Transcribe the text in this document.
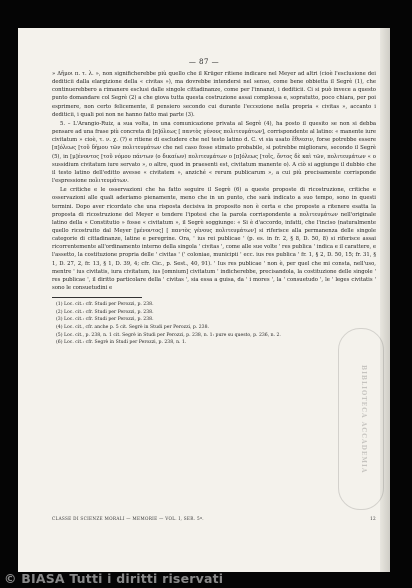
— 87 —

» Δῆμοι π. τ. λ. », non significherebbe più quello che il Krüger ritiene indicare nel Meyer ad altri (cioè l'esclusione dei dediticii dalla elargizione della « civitas »), ma dovrebbe intendersi nel senso, come bene obbietta il Segrè (1), che continuerebbero a rimanere esclusi dalle singole cittadinanze, come per l'innanzi, i dediticii. Ci si può invece a questo punto domandare col Segrè (2) a che giova tutta questa costruzione assai complessa e, sopratutto, poco chiara, per poi esprimere, non certo felicemente, il pensiero secondo cui durante l'eccezione nella propria « civitas », accanto i dediticii, i quali poi non ne hanno fatto mai parte (3).

5. – L'Arangio-Ruiz, a sua volta, in una comunicazione privata al Segrè (4), ha posto il quesito se non si debba pensare ad una frase più concreta di [π]όλεως [ παντὸς γένους πολιτευμάτων], corrispondente al latino: « manente iure civitatum » cioè, τ. ν. χ. (?) e ritiene di escludere che nel testo latino d. C. vi sia usato ἔθνεσιν, forse potrebbe essere [π]όλεως [τοῦ δήμου τῶν πολιτευμάτων che nel caso fosse stimato probabile, si potrebbe migliorare, secondo il Segrè (5), in [μ]ένοντος [τοῦ νόμου πάντων (o δικαίων) πολιτευμάτων o [π]όλεως [τοῖς, ὄντος δὲ καὶ τῶν, πολιτευμάτων « o sussidium civitatum iure servato », o altre, quod in praesenti est, civitatum manente o). A ciò si aggiunge il dubbio che il testo latino dell'editto avesse « civitatem », anziché « rerum publicarum », a cui più precisamente corrisponde l'espressione πολιτευμάτων.

Le critiche e le osservazioni che ha fatto seguire il Segrè (6) a queste proposte di ricostruzione, critiche e osservazioni alle quali aderiamo pienamente, meno che in un punto, che sarà indicato a suo tempo, sono in questi termini. Dopo aver ricordato che una risposta decisiva in proposito non è certa e che proposte a ritenere esatta la proposta di ricostruzione del Meyer e tendere l'ipotesi che la parola corrispondente a πολιτευμάτων nell'originale latino della « Constitutio » fosse « civitatum », il Segrè soggiunge: « Si è d'accordo, infatti, che l'inciso (naturalmente quello ricostruito dal Meyer [μένοντος] [ παντὸς γένους πολιτευμάτων] si riferisce alla permanenza delle singole categorie di cittadinanze, latine e peregrine. Ora, ' ius rei publicae ' (p. es. in fr. 2, § 8, D. 50, 8) si riferisce assai ricorrentemente all'ordinamento interno della singola ' civitas ', come alle sue volte ' res publica ' indica e il carattere, e l'assetto, la costituzione propria delle ' civitas ' (' coloniae, municipii ' ecc. ius res publica ' fr. 1, § 2, D. 50, 15; fr. 31, § 1, D. 27, 2, fr. 13, § 1, D. 39, 4; cfr. Cic., p. Sest., 40, 91). ' Ius res publicae ' non è, per quel che mi consta, nell'uso, mentre ' ius civitatis, iura civitatum, ius [omnium] civitatum ' indicherebbe, precisandola, la costituzione delle singole ' res publicae ', il diritto particolare della ' civitas ', sia essa a guisa, da ' i mores ', la ' consuetudo ', le ' leges civitatis ' sono le consuetudini e

(1) Loc. cit.: cfr. Studi per Perozzi, p. 238.
(2) Loc. cit.: cfr. Studi per Perozzi, p. 238.
(3) Loc. cit.: cfr. Studi per Perozzi, p. 238.
(4) Loc. cit., cfr. anche p. 5 cit. Segrè in Studi per Perozzi, p. 238.
(5) Loc. cit., p. 238, n. 1 cit. Segrè in Studi per Perozzi, p. 238, n. 1: pure su questo, p. 236, n. 2.
(6) Loc. cit.: cfr. Segrè in Studi per Perozzi, p. 238, n. 1.
CLASSE DI SCIENZE MORALI — MEMORIE — VOL. I, SER. 5ª.	12
BIBLIOTECA ACCADEMIA
© BIASA Tutti i diritti riservati
